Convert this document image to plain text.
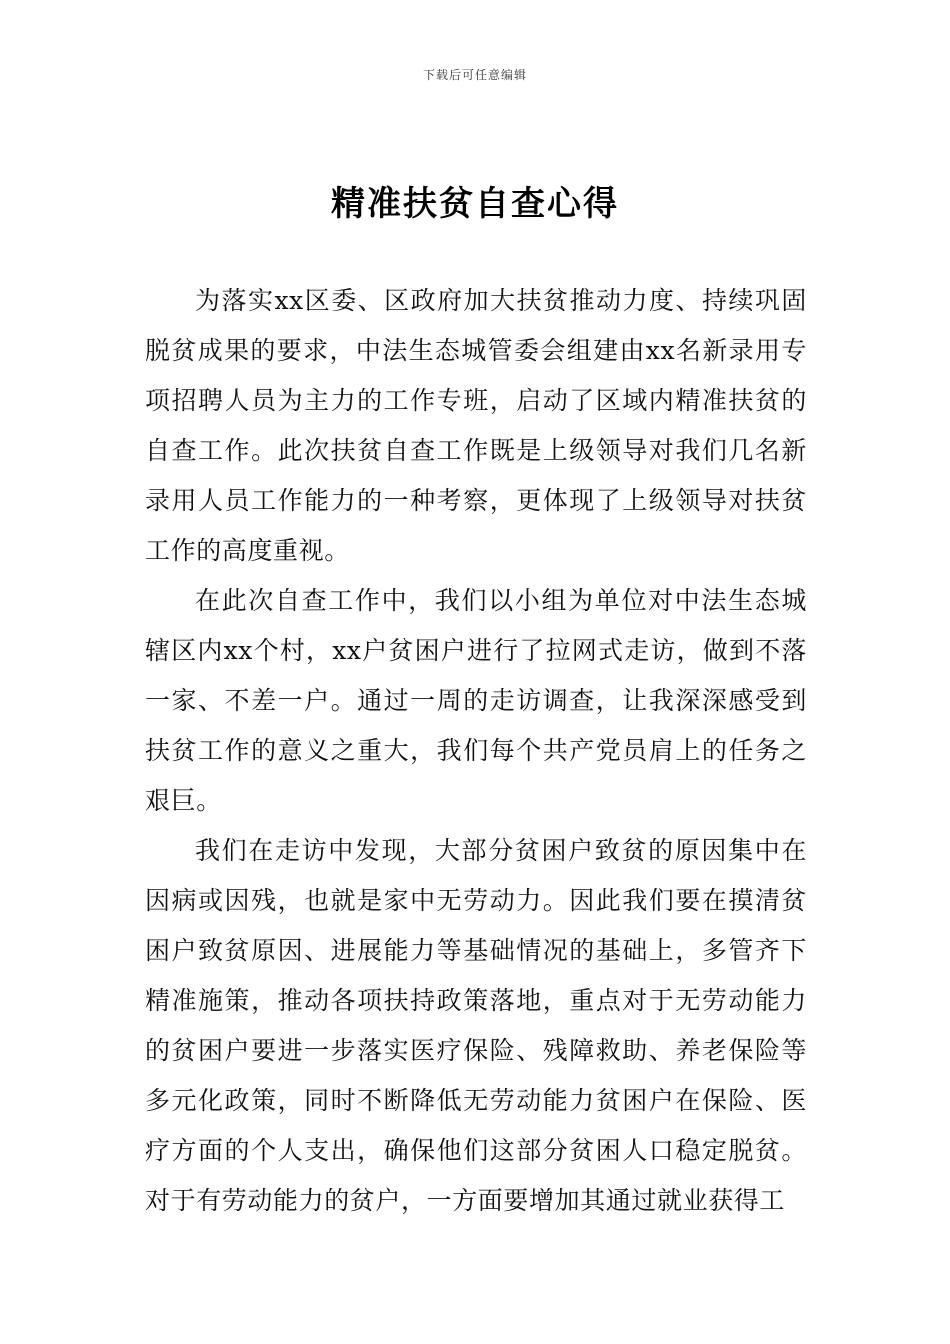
下载后可任意编辑
精准扶贫自查心得

为落实xx区委、区政府加大扶贫推动力度、持续巩固脱贫成果的要求，中法生态城管委会组建由xx名新录用专项招聘人员为主力的工作专班，启动了区域内精准扶贫的自查工作。此次扶贫自查工作既是上级领导对我们几名新录用人员工作能力的一种考察，更体现了上级领导对扶贫工作的高度重视。

在此次自查工作中，我们以小组为单位对中法生态城辖区内xx个村，xx户贫困户进行了拉网式走访，做到不落一家、不差一户。通过一周的走访调查，让我深深感受到扶贫工作的意义之重大，我们每个共产党员肩上的任务之艰巨。

我们在走访中发现，大部分贫困户致贫的原因集中在因病或因残，也就是家中无劳动力。因此我们要在摸清贫困户致贫原因、进展能力等基础情况的基础上，多管齐下精准施策，推动各项扶持政策落地，重点对于无劳动能力的贫困户要进一步落实医疗保险、残障救助、养老保险等多元化政策，同时不断降低无劳动能力贫困户在保险、医疗方面的个人支出，确保他们这部分贫困人口稳定脱贫。对于有劳动能力的贫户，一方面要增加其通过就业获得工
